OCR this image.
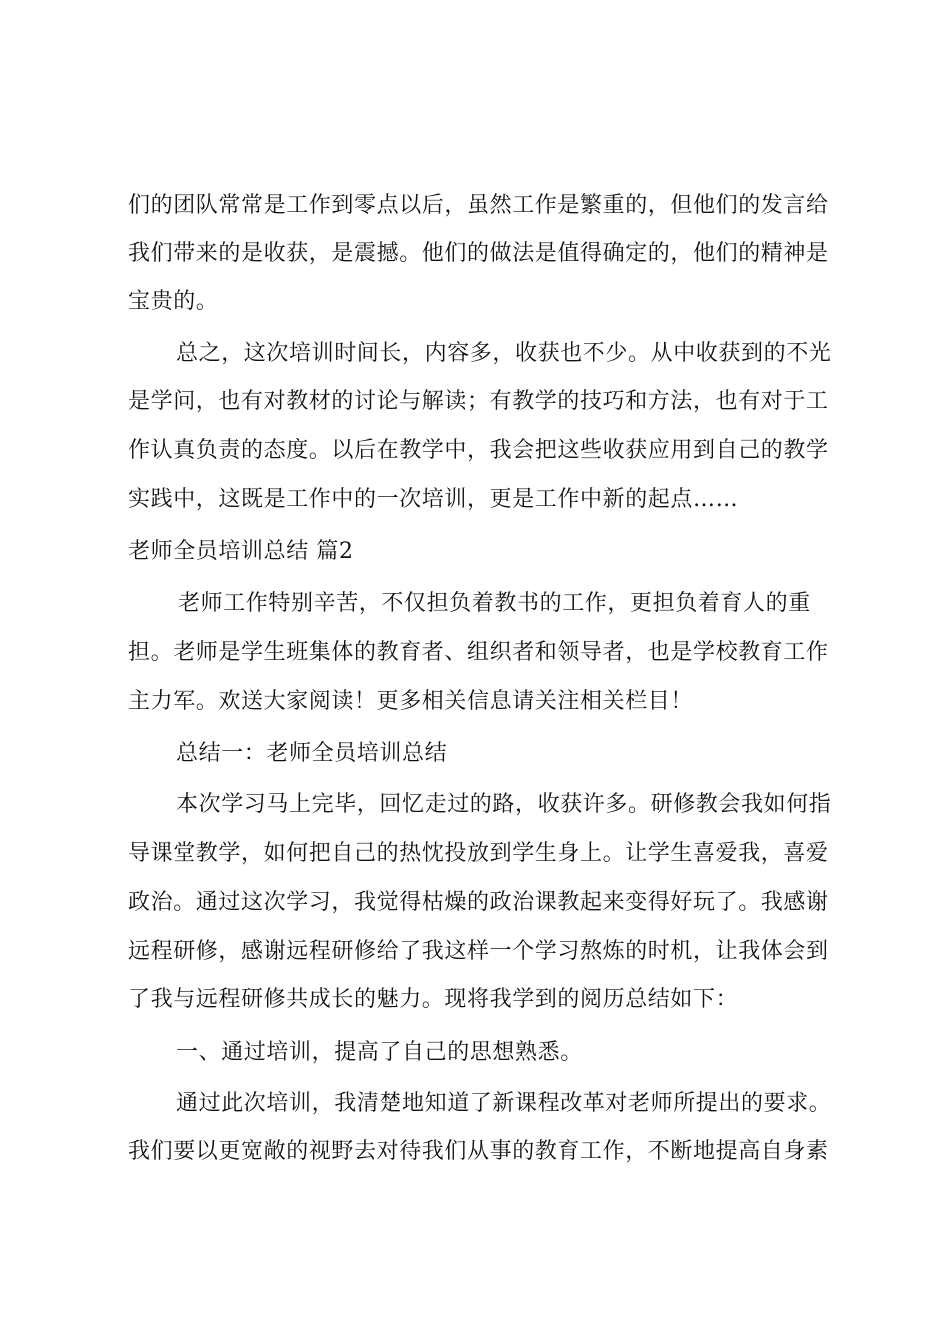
们的团队常常是工作到零点以后，虽然工作是繁重的，但他们的发言给
我们带来的是收获，是震撼。他们的做法是值得确定的，他们的精神是
宝贵的。
总之，这次培训时间长，内容多，收获也不少。从中收获到的不光
是学问，也有对教材的讨论与解读；有教学的技巧和方法，也有对于工
作认真负责的态度。以后在教学中，我会把这些收获应用到自己的教学
实践中，这既是工作中的一次培训，更是工作中新的起点……
老师全员培训总结 篇2
老师工作特别辛苦，不仅担负着教书的工作，更担负着育人的重
担。老师是学生班集体的教育者、组织者和领导者，也是学校教育工作
主力军。欢送大家阅读！更多相关信息请关注相关栏目！
总结一：老师全员培训总结
本次学习马上完毕，回忆走过的路，收获许多。研修教会我如何指
导课堂教学，如何把自己的热忱投放到学生身上。让学生喜爱我，喜爱
政治。通过这次学习，我觉得枯燥的政治课教起来变得好玩了。我感谢
远程研修，感谢远程研修给了我这样一个学习熬炼的时机，让我体会到
了我与远程研修共成长的魅力。现将我学到的阅历总结如下：
一、通过培训，提高了自己的思想熟悉。
通过此次培训，我清楚地知道了新课程改革对老师所提出的要求。
我们要以更宽敞的视野去对待我们从事的教育工作，不断地提高自身素
